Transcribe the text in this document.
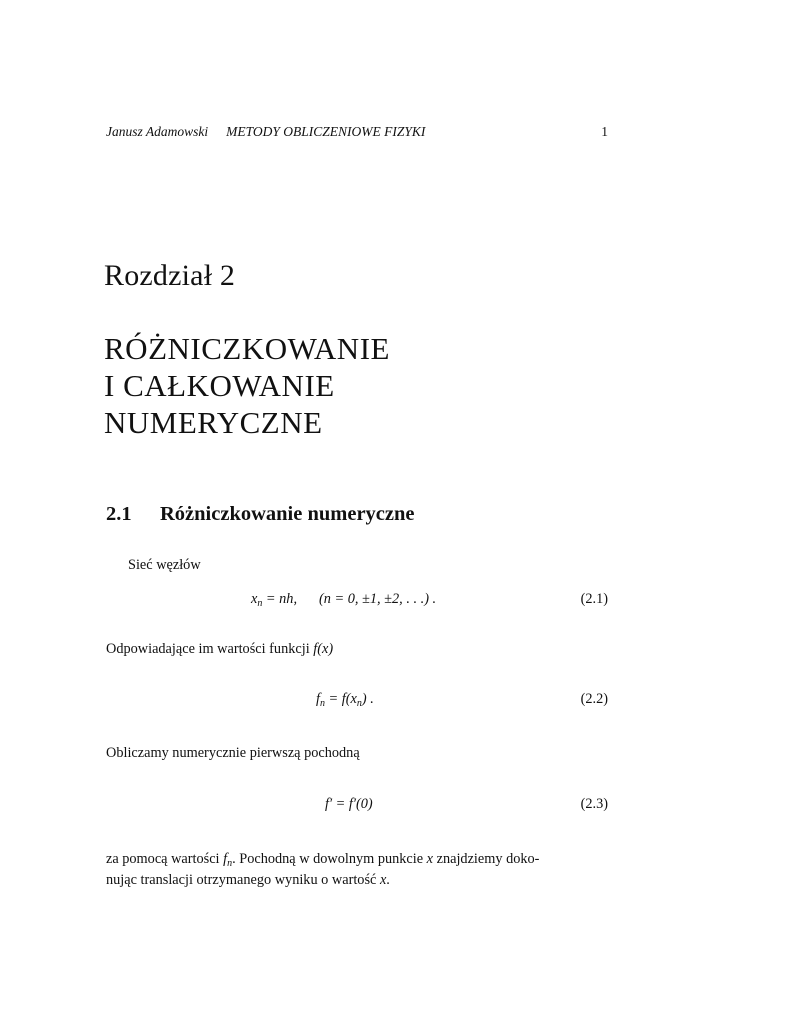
Janusz Adamowski METODY OBLICZENIOWE FIZYKI	1
Rozdział 2
RÓŻNICZKOWANIE
I CAŁKOWANIE
NUMERYCZNE
2.1 Różniczkowanie numeryczne
Sieć węzłów
$x_n$ = nh, (n = 0, ±1, ±2, . . .) .	(2.1)
Odpowiadające im wartości funkcji f(x)
$f_n = f(x_n)$ .	(2.2)
Obliczamy numerycznie pierwszą pochodną
f′ = f′(0)	(2.3)
za pomocą wartości $f_n$. Pochodną w dowolnym punkcie x znajdziemy doko-
nując translacji otrzymanego wyniku o wartość x.
